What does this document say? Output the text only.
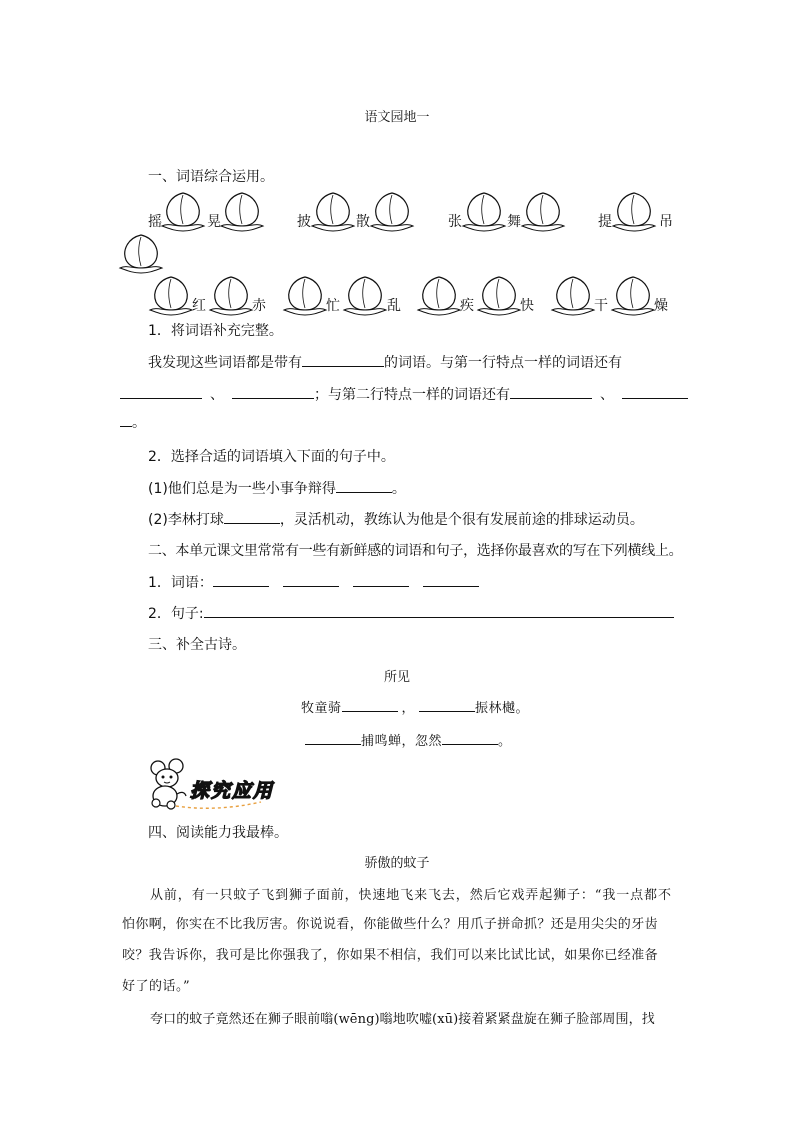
语文园地一
一、词语综合运用。
摇	晃	披	散	张	舞	提	吊
红	赤	忙	乱	疾	快	干	燥
1．将词语补充完整。
我发现这些词语都是带有	的词语。与第一行特点一样的词语还有
、	；与第二行特点一样的词语还有	、
。
2．选择合适的词语填入下面的句子中。
(1)他们总是为一些小事争辩得	。
(2)李林打球	，灵活机动，教练认为他是个很有发展前途的排球运动员。
二、本单元课文里常常有一些有新鲜感的词语和句子，选择你最喜欢的写在下列横线上。
1．词语：
2．句子:
三、补全古诗。
所见
牧童骑	，	振林樾。
捕鸣蝉，忽然	。
探究应用
四、阅读能力我最棒。
骄傲的蚊子
从前，有一只蚊子飞到狮子面前，快速地飞来飞去，然后它戏弄起狮子：“我一点都不
怕你啊，你实在不比我厉害。你说说看，你能做些什么？用爪子拼命抓？还是用尖尖的牙齿
咬？我告诉你，我可是比你强我了，你如果不相信，我们可以来比试比试，如果你已经准备
好了的话。”
夸口的蚊子竟然还在狮子眼前嗡(wēng)嗡地吹嘘(xū)接着紧紧盘旋在狮子脸部周围，找
